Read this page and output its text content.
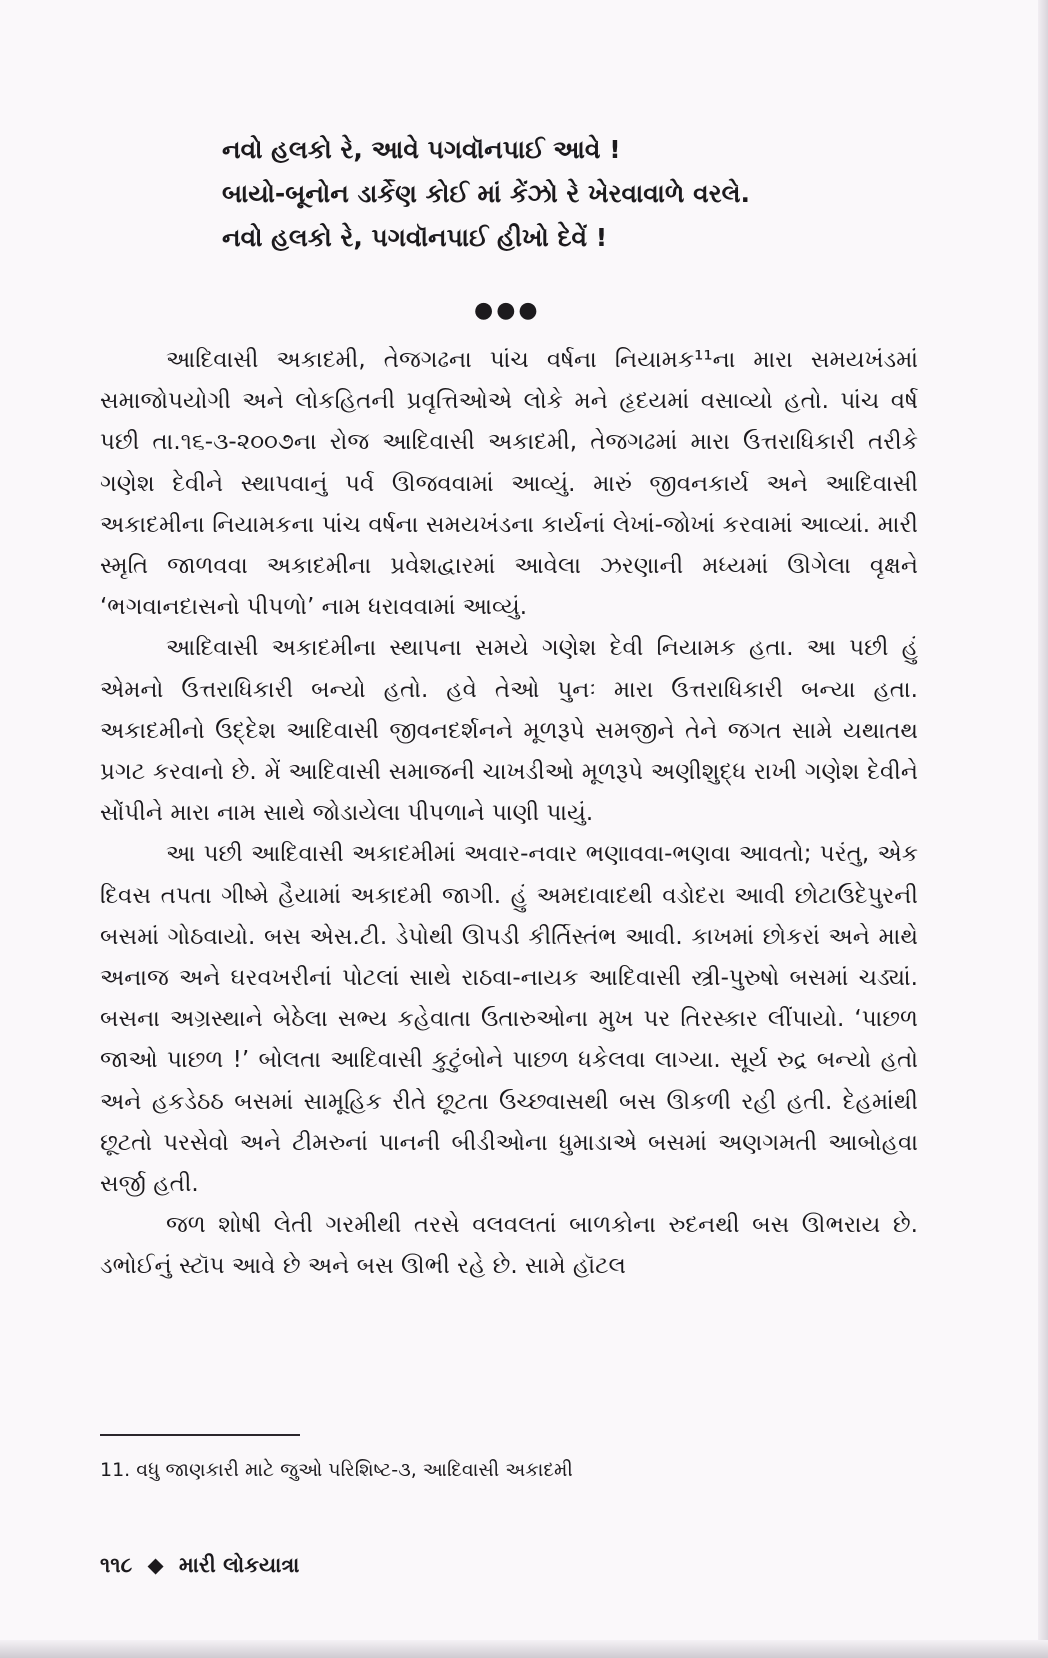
નવો હલકો રે, આવે પગવૉનપાઈ આવે !
બાયો-બૂનોન ડાર્કેણ કોઈ માં કેંઝો રે ખેરવાવાળે વરલે.
નવો હલકો રે, પગવૉનપાઈ હીખો દેવેં !
●●●

આદિવાસી અકાદમી, તેજગઢના પાંચ વર્ષના નિયામક¹¹ના મારા સમયખંડમાં સમાજોપયોગી અને લોકહિતની પ્રવૃત્તિઓએ લોકે મને હૃદયમાં વસાવ્યો હતો. પાંચ વર્ષ પછી તા.૧૬-૩-૨૦૦૭ના રોજ આદિવાસી અકાદમી, તેજગઢમાં મારા ઉત્તરાધિકારી તરીકે ગણેશ દેવીને સ્થાપવાનું પર્વ ઊજવવામાં આવ્યું. મારું જીવનકાર્ય અને આદિવાસી અકાદમીના નિયામકના પાંચ વર્ષના સમયખંડના કાર્યનાં લેખાં-જોખાં કરવામાં આવ્યાં. મારી સ્મૃતિ જાળવવા અકાદમીના પ્રવેશદ્વારમાં આવેલા ઝરણાની મધ્યમાં ઊગેલા વૃક્ષને ‘ભગવાનદાસનો પીપળો’ નામ ધરાવવામાં આવ્યું.

આદિવાસી અકાદમીના સ્થાપના સમયે ગણેશ દેવી નિયામક હતા. આ પછી હું એમનો ઉત્તરાધિકારી બન્યો હતો. હવે તેઓ પુનઃ મારા ઉત્તરાધિકારી બન્યા હતા. અકાદમીનો ઉદ્દેશ આદિવાસી જીવનદર્શનને મૂળરૂપે સમજીને તેને જગત સામે યથાતથ પ્રગટ કરવાનો છે. મેં આદિવાસી સમાજની ચાખડીઓ મૂળરૂપે અણીશુદ્ધ રાખી ગણેશ દેવીને સોંપીને મારા નામ સાથે જોડાયેલા પીપળાને પાણી પાયું.

આ પછી આદિવાસી અકાદમીમાં અવાર-નવાર ભણાવવા-ભણવા આવતો; પરંતુ, એક દિવસ તપતા ગીષ્મે હૈયામાં અકાદમી જાગી. હું અમદાવાદથી વડોદરા આવી છોટાઉદેપુરની બસમાં ગોઠવાયો. બસ એસ.ટી. ડેપોથી ઊપડી કીર્તિસ્તંભ આવી. કાખમાં છોકરાં અને માથે અનાજ અને ઘરવખરીનાં પોટલાં સાથે રાઠવા-નાયક આદિવાસી સ્ત્રી-પુરુષો બસમાં ચડ્યાં. બસના અગ્રસ્થાને બેઠેલા સભ્ય કહેવાતા ઉતારુઓના મુખ પર તિરસ્કાર લીંપાયો. ‘પાછળ જાઓ પાછળ !’ બોલતા આદિવાસી કુટુંબોને પાછળ ધકેલવા લાગ્યા. સૂર્ય રુદ્ર બન્યો હતો અને હકડેઠઠ બસમાં સામૂહિક રીતે છૂટતા ઉચ્છ્વાસથી બસ ઊકળી રહી હતી. દેહમાંથી છૂટતો પરસેવો અને ટીમરુનાં પાનની બીડીઓના ધુમાડાએ બસમાં અણગમતી આબોહવા સર્જી હતી.

જળ શોષી લેતી ગરમીથી તરસે વલવલતાં બાળકોના રુદનથી બસ ઊભરાય છે. ડભોઈનું સ્ટૉપ આવે છે અને બસ ઊભી રહે છે. સામે હૉટલ

11. વધુ જાણકારી માટે જુઓ પરિશિષ્ટ-૩, આદિવાસી અકાદમી
૧૧૮ ◆ મારી લોકયાત્રા
